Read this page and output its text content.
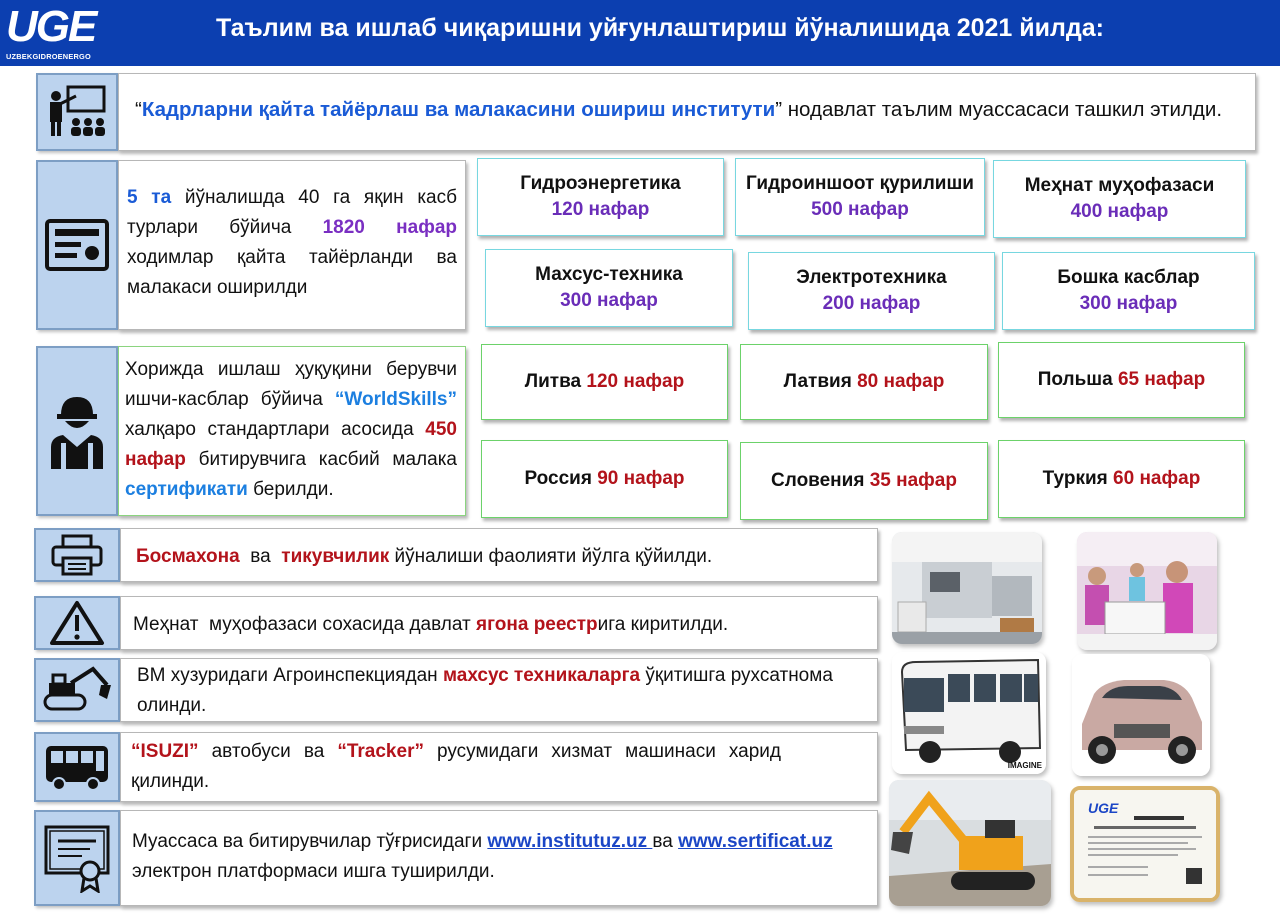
UGE
UZBEKGIDROENERGO
Таълим ва ишлаб чиқаришни уйғунлаштириш йўналишида 2021 йилда:
“Кадрларни қайта тайёрлаш ва малакасини ошириш институти” нодавлат таълим муассасаси ташкил этилди.
5 та йўналишда 40 га яқин касб турлари бўйича 1820 нафар ходимлар қайта тайёрланди ва малакаси оширилди
Гидроэнергетика
120 нафар
Гидроиншоот қурилиши
500 нафар
Меҳнат муҳофазаси
400 нафар
Махсус-техника
300 нафар
Электротехника
200 нафар
Бошка касблар
300 нафар
Хорижда ишлаш ҳуқуқини берувчи ишчи-касблар бўйича “WorldSkills” халқаро стандартлари асосида 450 нафар битирувчига касбий малака сертификати берилди.
Литва 120 нафар	Латвия 80 нафар	Польша 65 нафар
Россия 90 нафар	Словения 35 нафар	Туркия 60 нафар
Босмахона  ва  тикувчилик йўналиши фаолияти йўлга қўйилди.
Меҳнат  муҳофазаси сохасида давлат ягона реестрига киритилди.
ВМ хузуридаги Агроинспекциядан махсус техникаларга ўқитишга рухсатнома олинди.
“ISUZI” автобуси ва “Tracker” русумидаги хизмат машинаси харид қилинди.
Муассаса ва битирувчилар тўғрисидаги www.institutuz.uz ва www.sertificat.uz электрон платформаси ишга туширилди.
IMAGINE
UGE
